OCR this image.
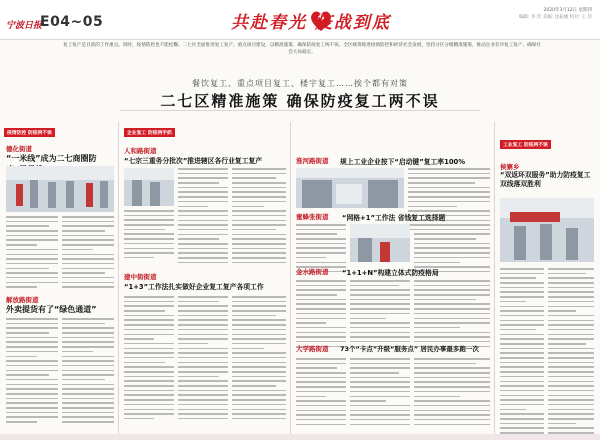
宁波日报
E04~05	共赴春光 疫战到底
2020年3月12日 星期四
编辑: 李 洋 美编: 沈振刚 校对: 王 洋
复工复产是目前的工作重点。同时，疫情防控也不能松懈。二七区全面推进复工复产、重点项目建设，以精准施策、确保防疫复工两不误。全区统筹推进疫情防控和经济社会发展，坚持分区分级精准施策，推动企业有序复工复产，确保社会大局稳定。
餐饮复工、重点项目复工、楼宇复工……挨个都有对策
二七区精准施策 确保防疫复工两不误
疫情防控 防疫两不误
德化街道
“一米线”成为二七商圈防
解放路街道
外卖提货有了“绿色通道”
企业复工 防疫两手抓
人和路街道
“七宗三重务分批次”推进辖区各行业复工复产
建中街街道
“1+3”工作法扎实做好企业复工复产各项工作
淮河路街道 规上工业企业按下“启动键”复工率100%
蜜蜂张街道 “网格+1”工作法 省钱复工选择题
金水路街道 “1+1+N”构建立体式防疫格局
大学路街道 73个“卡点”升级“服务点” 居民办事最多跑一次
工业复工 防疫两不误
侯寨乡
“双返环双服务”助力防疫复工双线落双胜利
